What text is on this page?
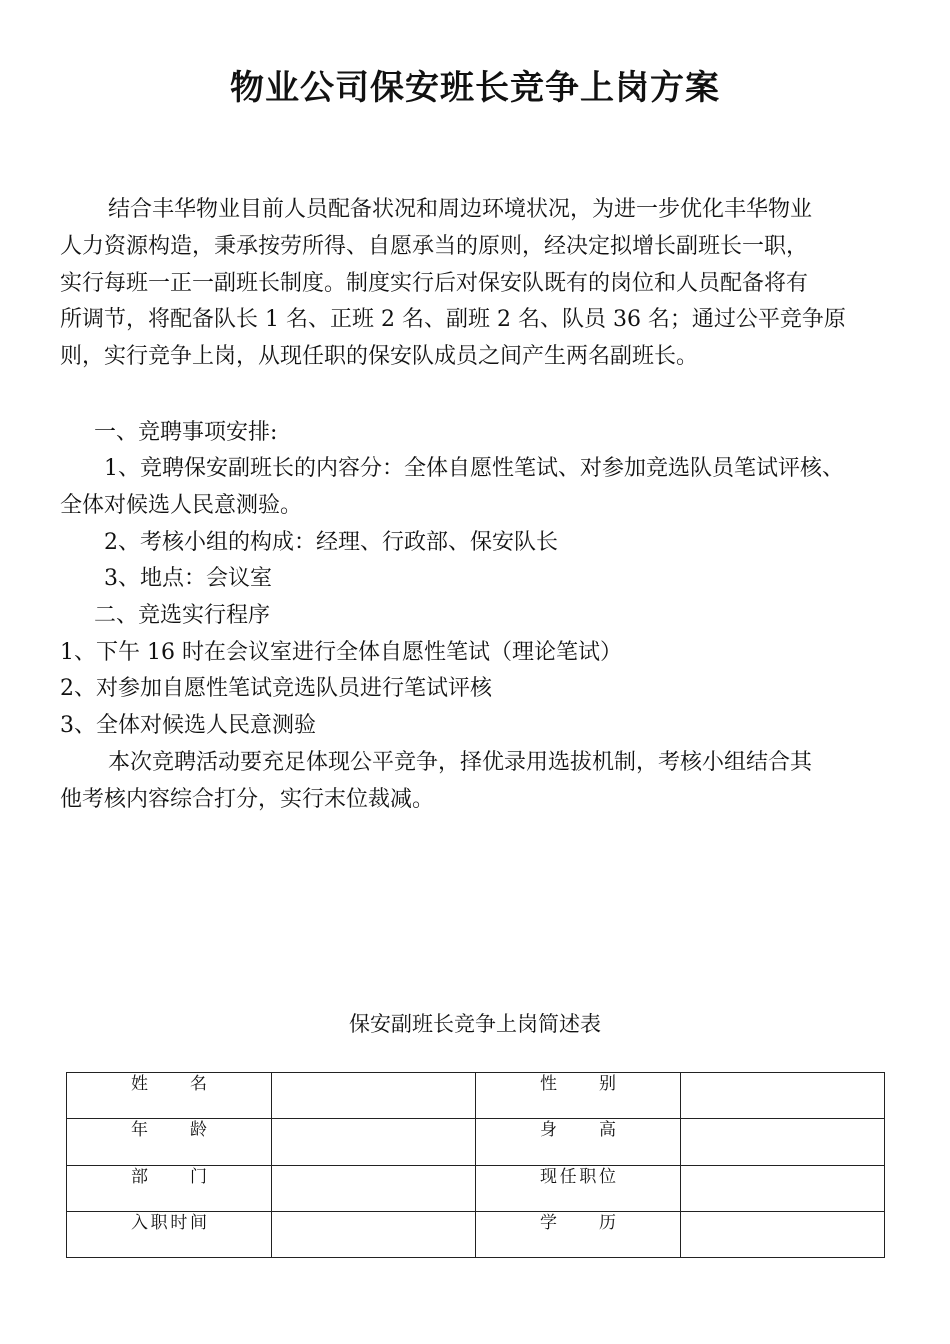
物业公司保安班长竞争上岗方案

结合丰华物业目前人员配备状况和周边环境状况，为进一步优化丰华物业

人力资源构造，秉承按劳所得、自愿承当的原则，经决定拟增长副班长一职，

实行每班一正一副班长制度。制度实行后对保安队既有的岗位和人员配备将有

所调节，将配备队长 1 名、正班 2 名、副班 2 名、队员 36 名；通过公平竞争原

则，实行竞争上岗，从现任职的保安队成员之间产生两名副班长。

一、竞聘事项安排:

1、竞聘保安副班长的内容分：全体自愿性笔试、对参加竞选队员笔试评核、

全体对候选人民意测验。

2、考核小组的构成：经理、行政部、保安队长

3、地点：会议室

二、竞选实行程序

1、下午 16 时在会议室进行全体自愿性笔试（理论笔试）

2、对参加自愿性笔试竞选队员进行笔试评核

3、全体对候选人民意测验

本次竞聘活动要充足体现公平竞争，择优录用选拔机制，考核小组结合其

他考核内容综合打分，实行末位裁减。

保安副班长竞争上岗简述表

姓名		性别	
年龄		身高	
部门		现任职位	
入职时间		学历	
